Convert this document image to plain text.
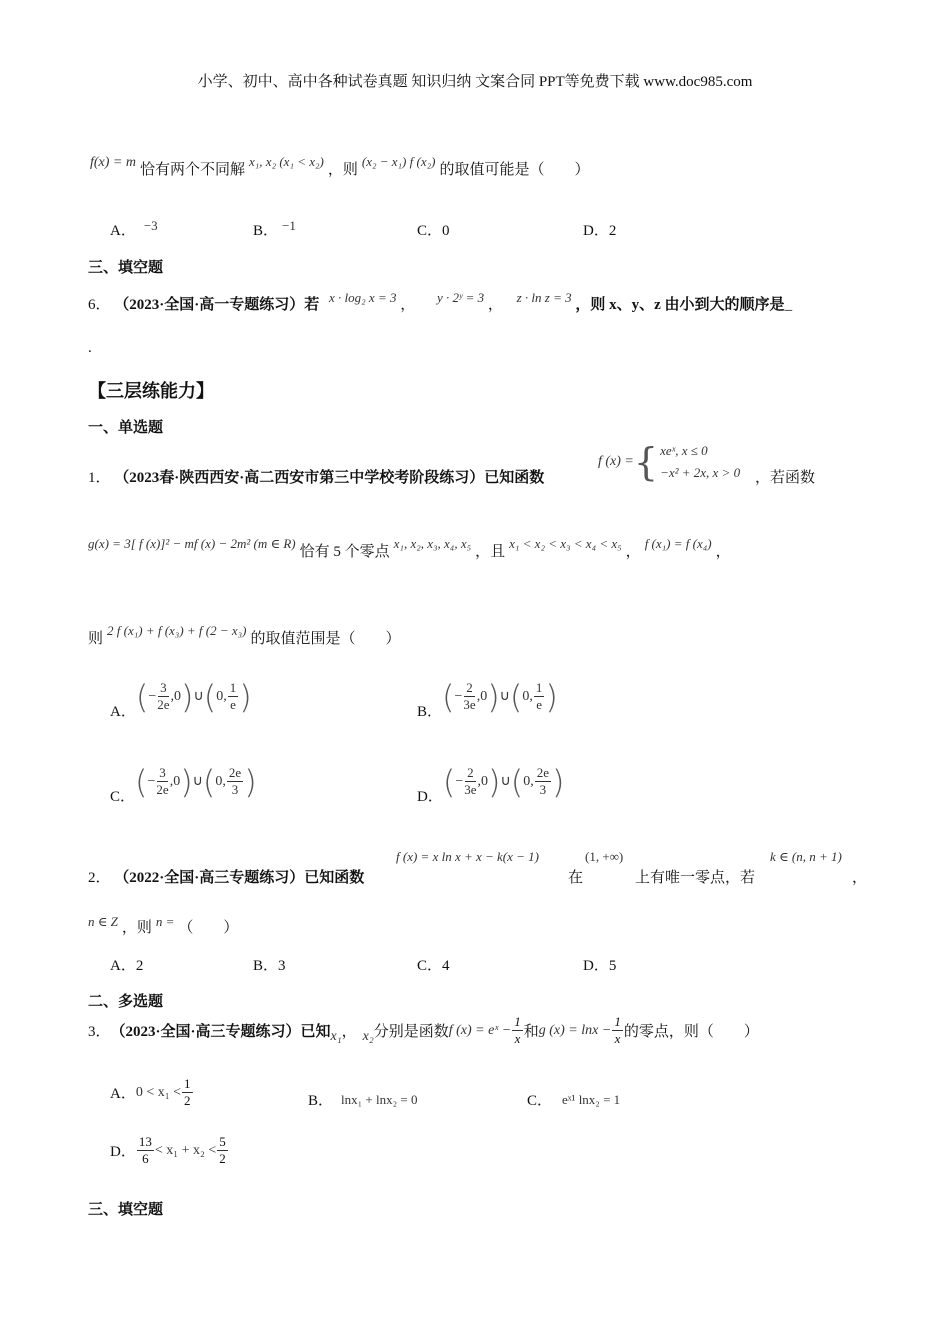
小学、初中、高中各种试卷真题 知识归纳 文案合同 PPT等免费下载 www.doc985.com
f(x) = m 恰有两个不同解 $^{x_1, x_2 (x_1 < x_2)}$ ，则 $^{(x_2 - x_1) f (x_2)}$ 的取值可能是（　　）
A． −3	B． −1	C．0	D．2
三、填空题
6． （2023·全国·高一专题练习）若 x · log₂ x = 3 ， y · 2ʸ = 3 ， z · ln z = 3 ，则 x、y、z 由小到大的顺序是_
.
【三层练能力】
一、单选题
1． （2023春·陕西西安·高二西安市第三中学校考阶段练习）已知函数
f (x) = { xeˣ, x ≤ 0
−x² + 2x, x > 0 ，若函数
$^{g(x) = 3[ f (x)]^2 - mf (x) - 2m^2 (m \in R)}$ 恰有 5 个零点 $^{x_1, x_2, x_3, x_4, x_5}$ ，且 $^{x_1 < x_2 < x_3 < x_4 < x_5}$ ， $^{f (x_1) = f (x_4)}$ ，
则 $^{2 f (x_1) + f (x_3) + f (2 - x_3)}$ 的取值范围是（　　）
A． ( − $\frac{3}{2e} ,0$ ) ∪ ( 0, $\frac{1}{e}$ )	B． ( − $\frac{2}{3e} ,0$ ) ∪ ( 0, $\frac{1}{e}$ )
C． ( − $\frac{3}{2e} ,0$ ) ∪ ( 0, $\frac{2e}{3}$ )	D． ( − $\frac{2}{3e} ,0$ ) ∪ ( 0, $\frac{2e}{3}$ )
2． （2022·全国·高三专题练习）已知函数
f (x) = x ln x + x − k(x − 1)
在
(1, +∞)
上有唯一零点，若
k ∈ (n, n + 1)
，
$^{n \in Z}$ ，则 $^{n =}$ （　　）
A．2	B．3	C．4	D．5
二、多选题
3． （2023·全国·高三专题练习）已知 x₁ ， x₂ 分别是函数 f (x) = eˣ − $\frac{1}{x}$ 和 g $(x) = \ln x - \frac{1}{x}$ 的零点，则（　　）
A． $0 < x_1 < \frac{1}{2}$	B． lnx₁ + lnx₂ = 0	C． eˣ¹ lnx₂ = 1
D． $\frac{13}{6} < x_1 + x_2 < \frac{5}{2}$
三、填空题
